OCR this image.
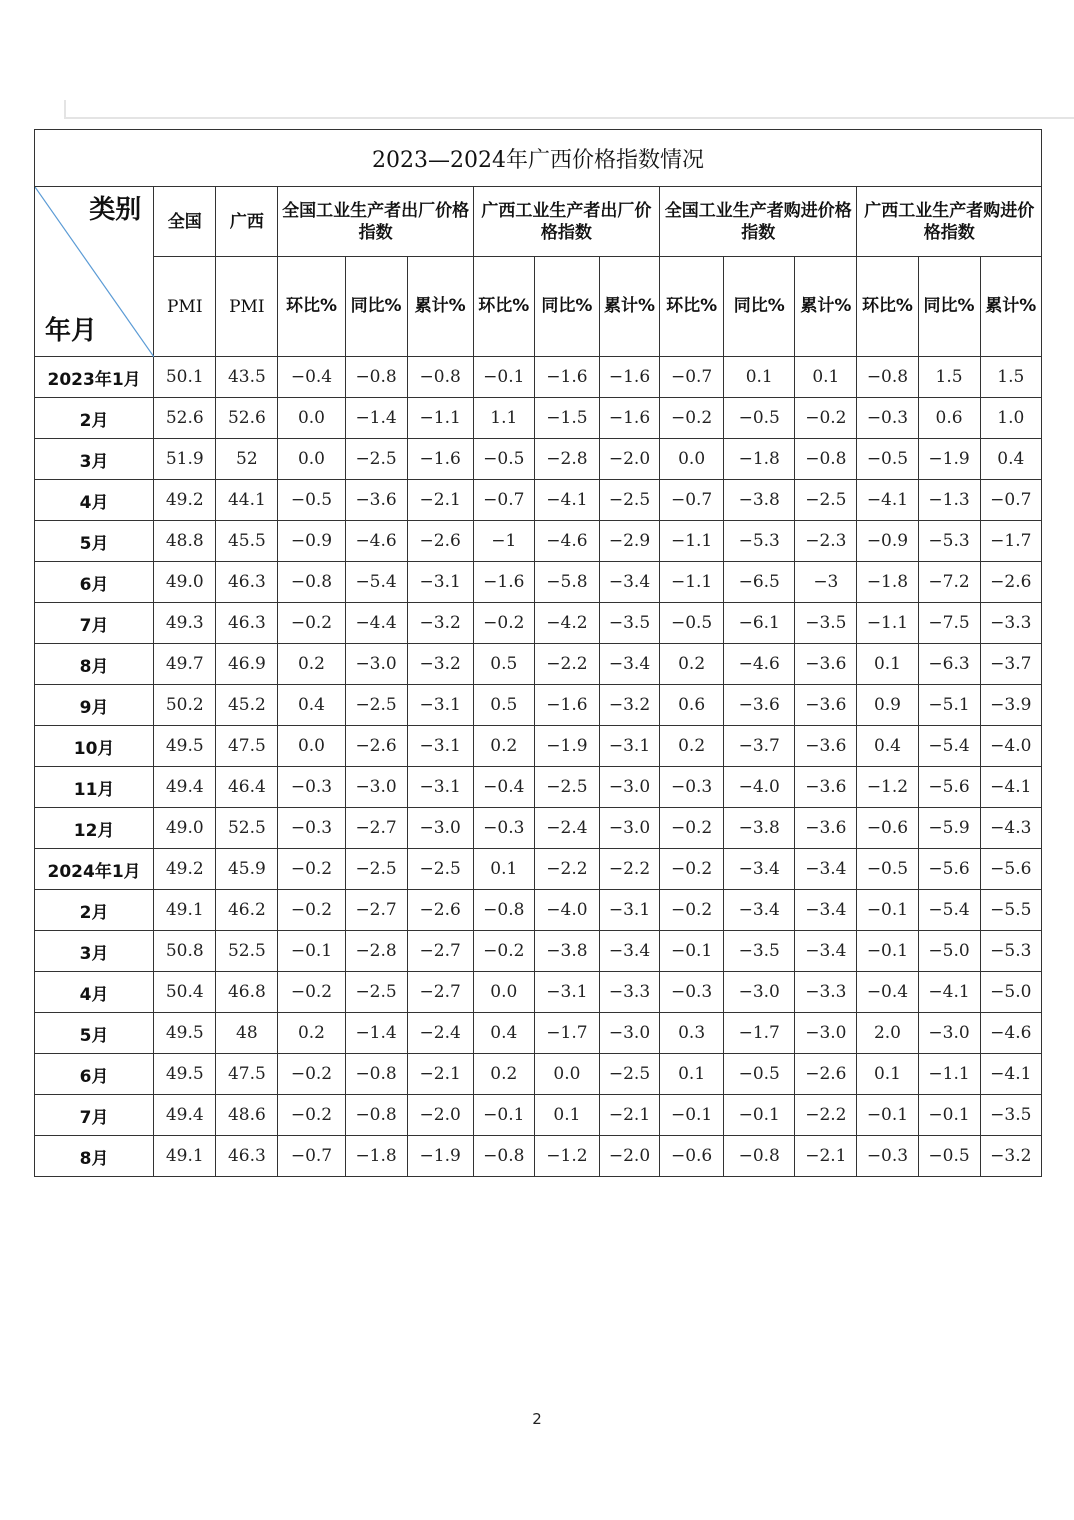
2023—2024年广西价格指数情况														

类别
年月	全国	广西	全国工业生产者出厂价格指数			广西工业生产者出厂价格指数			全国工业生产者购进价格指数			广西工业生产者购进价格指数		
	PMI	PMI	环比%	同比%	累计%	环比%	同比%	累计%	环比%	同比%	累计%	环比%	同比%	累计%

2023年1月	50.1	43.5	−0.4	−0.8	−0.8	−0.1	−1.6	−1.6	−0.7	0.1	0.1	−0.8	1.5	1.5
2月	52.6	52.6	0.0	−1.4	−1.1	1.1	−1.5	−1.6	−0.2	−0.5	−0.2	−0.3	0.6	1.0
3月	51.9	52	0.0	−2.5	−1.6	−0.5	−2.8	−2.0	0.0	−1.8	−0.8	−0.5	−1.9	0.4
4月	49.2	44.1	−0.5	−3.6	−2.1	−0.7	−4.1	−2.5	−0.7	−3.8	−2.5	−4.1	−1.3	−0.7
5月	48.8	45.5	−0.9	−4.6	−2.6	−1	−4.6	−2.9	−1.1	−5.3	−2.3	−0.9	−5.3	−1.7
6月	49.0	46.3	−0.8	−5.4	−3.1	−1.6	−5.8	−3.4	−1.1	−6.5	−3	−1.8	−7.2	−2.6
7月	49.3	46.3	−0.2	−4.4	−3.2	−0.2	−4.2	−3.5	−0.5	−6.1	−3.5	−1.1	−7.5	−3.3
8月	49.7	46.9	0.2	−3.0	−3.2	0.5	−2.2	−3.4	0.2	−4.6	−3.6	0.1	−6.3	−3.7
9月	50.2	45.2	0.4	−2.5	−3.1	0.5	−1.6	−3.2	0.6	−3.6	−3.6	0.9	−5.1	−3.9
10月	49.5	47.5	0.0	−2.6	−3.1	0.2	−1.9	−3.1	0.2	−3.7	−3.6	0.4	−5.4	−4.0
11月	49.4	46.4	−0.3	−3.0	−3.1	−0.4	−2.5	−3.0	−0.3	−4.0	−3.6	−1.2	−5.6	−4.1
12月	49.0	52.5	−0.3	−2.7	−3.0	−0.3	−2.4	−3.0	−0.2	−3.8	−3.6	−0.6	−5.9	−4.3
2024年1月	49.2	45.9	−0.2	−2.5	−2.5	0.1	−2.2	−2.2	−0.2	−3.4	−3.4	−0.5	−5.6	−5.6
2月	49.1	46.2	−0.2	−2.7	−2.6	−0.8	−4.0	−3.1	−0.2	−3.4	−3.4	−0.1	−5.4	−5.5
3月	50.8	52.5	−0.1	−2.8	−2.7	−0.2	−3.8	−3.4	−0.1	−3.5	−3.4	−0.1	−5.0	−5.3
4月	50.4	46.8	−0.2	−2.5	−2.7	0.0	−3.1	−3.3	−0.3	−3.0	−3.3	−0.4	−4.1	−5.0
5月	49.5	48	0.2	−1.4	−2.4	0.4	−1.7	−3.0	0.3	−1.7	−3.0	2.0	−3.0	−4.6
6月	49.5	47.5	−0.2	−0.8	−2.1	0.2	0.0	−2.5	0.1	−0.5	−2.6	0.1	−1.1	−4.1
7月	49.4	48.6	−0.2	−0.8	−2.0	−0.1	0.1	−2.1	−0.1	−0.1	−2.2	−0.1	−0.1	−3.5
8月	49.1	46.3	−0.7	−1.8	−1.9	−0.8	−1.2	−2.0	−0.6	−0.8	−2.1	−0.3	−0.5	−3.2
2
